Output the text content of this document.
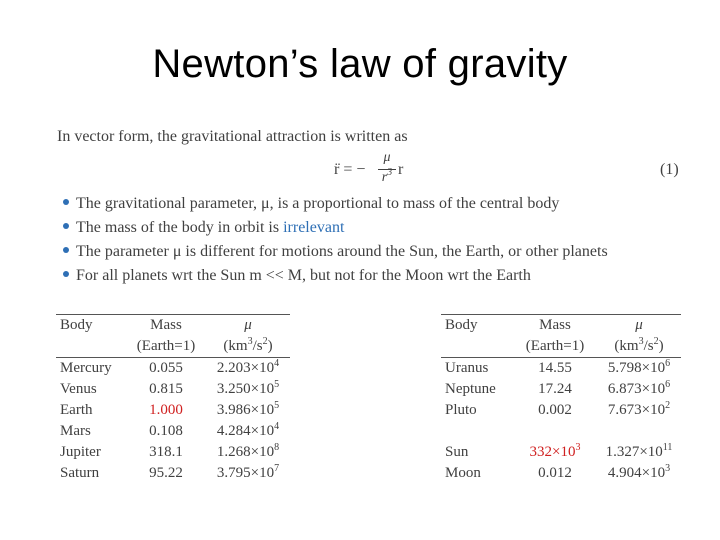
Newton’s law of gravity
In vector form, the gravitational attraction is written as
r̈ = −
μ
$r^3$ r	(1)
The gravitational parameter, μ, is a proportional to mass of the central body
The mass of the body in orbit is irrelevant
The parameter μ is different for motions around the Sun, the Earth, or other planets
For all planets wrt the Sun m << M, but not for the Moon wrt the Earth
Body	Mass	μ
	(Earth=1)	$(km^3/s^2)$
Mercury	0.055	$2.203\times 10^4$
Venus	0.815	$3.250\times 10^5$
Earth	1.000	$3.986\times 10^5$
Mars	0.108	$4.284\times 10^4$
Jupiter	318.1	$1.268\times 10^8$
Saturn	95.22	$3.795\times 10^7$
Body	Mass	μ
	(Earth=1)	$(km^3/s^2)$
Uranus	14.55	$5.798\times 10^6$
Neptune	17.24	$6.873\times 10^6$
Pluto	0.002	$7.673\times 10^2$

Sun	$332\times 10^3$	$1.327\times 10^{11}$
Moon	0.012	$4.904\times 10^3$
